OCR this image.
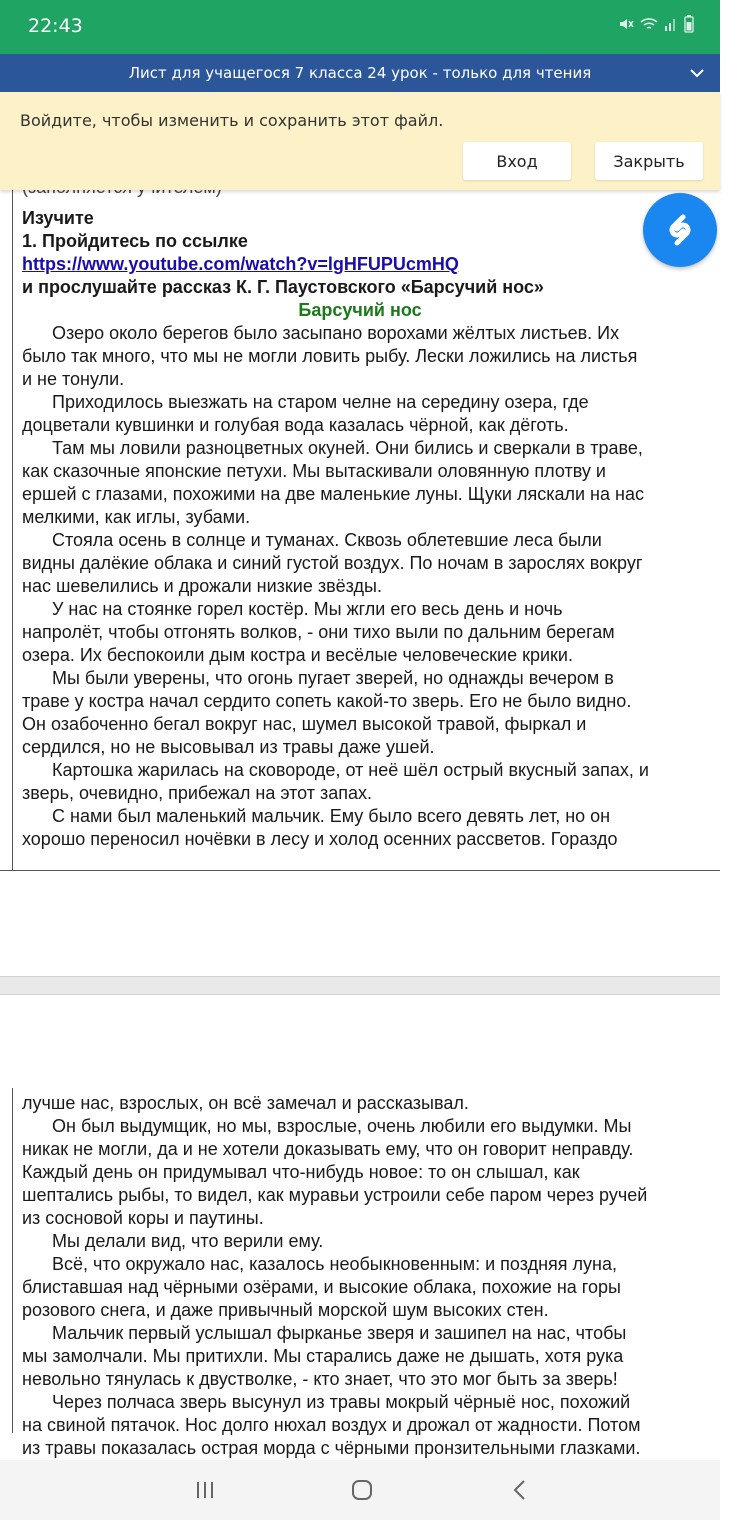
22:43
Лист для учащегося 7 класса 24 урок - только для чтения
Войдите, чтобы изменить и сохранить этот файл.
Вход	Закрыть
Изучите
1. Пройдитесь по ссылке
https://www.youtube.com/watch?v=lgHFUPUcmHQ
и прослушайте рассказ К. Г. Паустовского «Барсучий нос»
Барсучий нос
Озеро около берегов было засыпано ворохами жёлтых листьев. Их
было так много, что мы не могли ловить рыбу. Лески ложились на листья
и не тонули.
Приходилось выезжать на старом челне на середину озера, где
доцветали кувшинки и голубая вода казалась чёрной, как дёготь.
Там мы ловили разноцветных окуней. Они бились и сверкали в траве,
как сказочные японские петухи. Мы вытаскивали оловянную плотву и
ершей с глазами, похожими на две маленькие луны. Щуки ляскали на нас
мелкими, как иглы, зубами.
Стояла осень в солнце и туманах. Сквозь облетевшие леса были
видны далёкие облака и синий густой воздух. По ночам в зарослях вокруг
нас шевелились и дрожали низкие звёзды.
У нас на стоянке горел костёр. Мы жгли его весь день и ночь
напролёт, чтобы отгонять волков, - они тихо выли по дальним берегам
озера. Их беспокоили дым костра и весёлые человеческие крики.
Мы были уверены, что огонь пугает зверей, но однажды вечером в
траве у костра начал сердито сопеть какой-то зверь. Его не было видно.
Он озабоченно бегал вокруг нас, шумел высокой травой, фыркал и
сердился, но не высовывал из травы даже ушей.
Картошка жарилась на сковороде, от неё шёл острый вкусный запах, и
зверь, очевидно, прибежал на этот запах.
С нами был маленький мальчик. Ему было всего девять лет, но он
хорошо переносил ночёвки в лесу и холод осенних рассветов. Гораздо
лучше нас, взрослых, он всё замечал и рассказывал.
Он был выдумщик, но мы, взрослые, очень любили его выдумки. Мы
никак не могли, да и не хотели доказывать ему, что он говорит неправду.
Каждый день он придумывал что-нибудь новое: то он слышал, как
шептались рыбы, то видел, как муравьи устроили себе паром через ручей
из сосновой коры и паутины.
Мы делали вид, что верили ему.
Всё, что окружало нас, казалось необыкновенным: и поздняя луна,
блиставшая над чёрными озёрами, и высокие облака, похожие на горы
розового снега, и даже привычный морской шум высоких стен.
Мальчик первый услышал фырканье зверя и зашипел на нас, чтобы
мы замолчали. Мы притихли. Мы старались даже не дышать, хотя рука
невольно тянулась к двустволке, - кто знает, что это мог быть за зверь!
Через полчаса зверь высунул из травы мокрый чёрныё нос, похожий
на свиной пятачок. Нос долго нюхал воздух и дрожал от жадности. Потом
из травы показалась острая морда с чёрными пронзительными глазками.
